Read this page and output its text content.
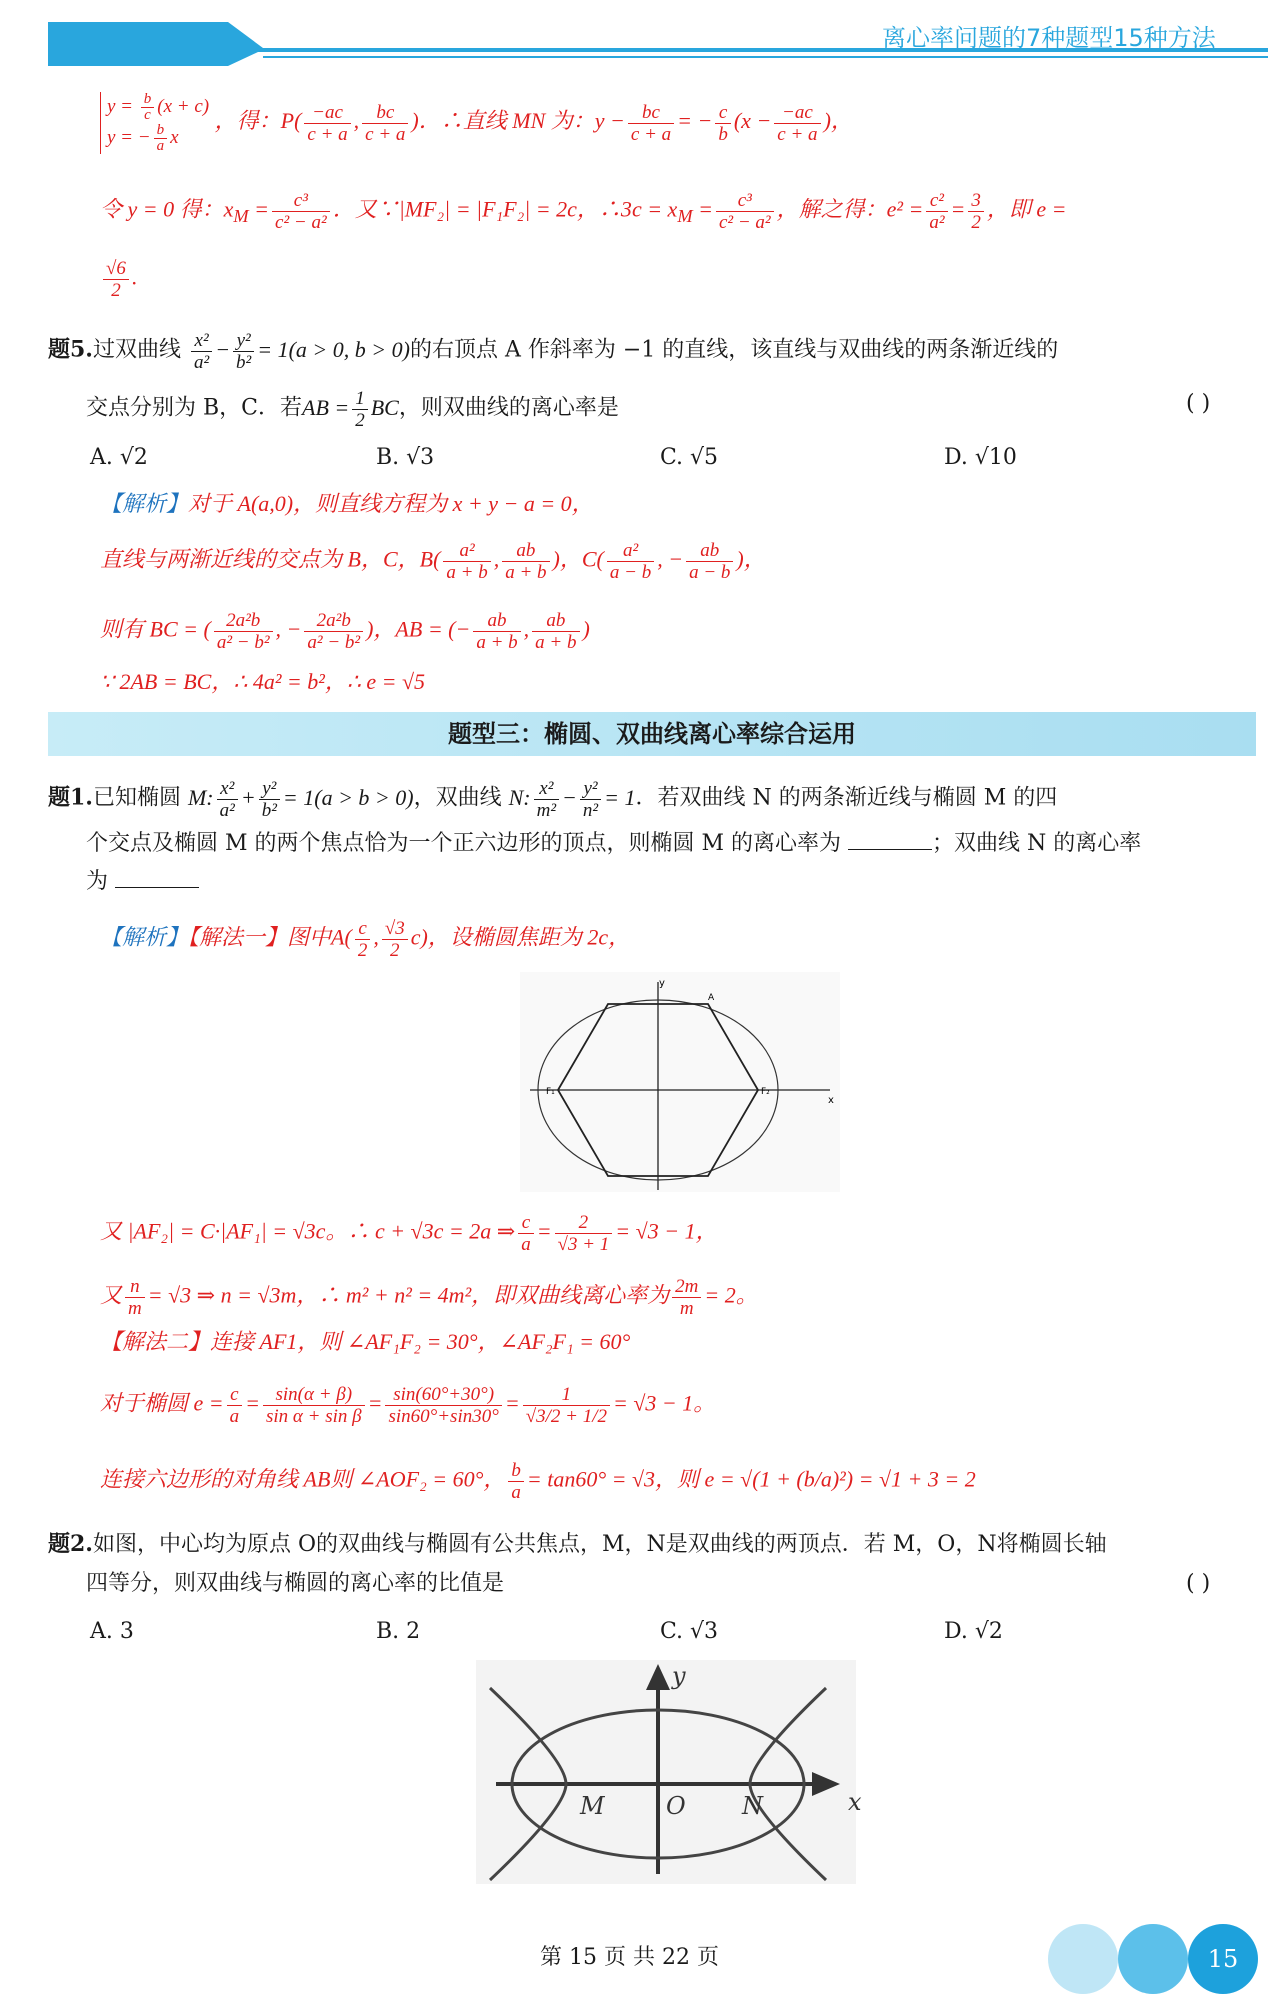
离心率问题的7种题型15种方法
$y = \frac{b}{c} (x + c)$
y = − $\frac{b}{a}$ x
，得：$P( \frac{-ac}{c + a}$ , $\frac{bc}{c + a}$ )．∴直线 MN 为：$y - \frac{bc}{c + a}$ = − $\frac{c}{b} (x - \frac{-ac}{c + a}$ )，
令 y = 0 得：$x_M = \frac{\text{c³}}{\text{c² − a²}}$ ．又∵|MF₂| = |F₁F₂| = 2c，∴3c = $x_M = \frac{\text{c³}}{\text{c² − a²}}$ ，解之得：$e^2 = \frac{\text{c²}}{\text{a²}} = \frac{3}{2}$ ，即 e =
$\frac{√6}{2}$ .
题5.过双曲线 $\frac{\text{x²}}{\text{a²}} - \frac{\text{y²}}{\text{b²}} = 1(a > 0$, b > 0)的右顶点 A 作斜率为 −1 的直线，该直线与双曲线的两条渐近线的
交点分别为 B，C．若AB = $\frac{1}{2}$ BC，则双曲线的离心率是	( )
A. √2	B. √3	C. √5	D. √10
【解析】对于 A(a,0)，则直线方程为 x + y − a = 0，
直线与两渐近线的交点为 B，C，$B( \frac{\text{a²}}{a + b}$ , $\frac{ab}{a + b}$ )，$C( \frac{\text{a²}}{a - b}$ , − $\frac{ab}{a - b}$ )，
则有 BC = ( $\frac{\text{2a²b}}{\text{a² − b²}}$ , − $\frac{\text{2a²b}}{\text{a² − b²}}$ )，AB = (− $\frac{ab}{a + b}$ , $\frac{ab}{a + b}$ )
∵ 2AB = BC，∴ 4a² = b²，∴ e = √5
题型三：椭圆、双曲线离心率综合运用
题1.已知椭圆 M: $\frac{\text{x²}}{\text{a²}} + \frac{\text{y²}}{\text{b²}} = 1(a > b > 0)$，双曲线 N: $\frac{\text{x²}}{\text{m²}} - \frac{\text{y²}}{\text{n²}} = 1$．若双曲线 N 的两条渐近线与椭圆 M 的四
个交点及椭圆 M 的两个焦点恰为一个正六边形的顶点，则椭圆 M 的离心率为	；双曲线 N 的离心率
为
【解析】【解法一】图中$A( \frac{c}{2}$ , $\frac{√3}{2} c$)，设椭圆焦距为 2c，
y
x
A
F₁	F₂
又 |AF₂| = C·|AF₁| = √3c。∴ c + √3c = 2a ⇒ $\frac{c}{a} = \frac{2}{√3 + 1} = √3 - 1$，
又 $\frac{n}{m} = √3$ ⇒ n = √3m，∴ m² + n² = 4m²，即双曲线离心率为 $\frac{2m}{m} = 2$。
【解法二】连接 AF1，则 ∠AF₁F₂ = 30°，∠AF₂F₁ = 60°
对于椭圆 $e = \frac{c}{a} = \frac{\sin(\alpha + \beta)}{\text{sin α + sin β}} = \frac{\sin(60^\circ+30^\circ)}{\sin 60^\circ+\sin 30^\circ} = \frac{1}{√3/2 + 1/2} = √3 - 1$。
连接六边形的对角线 AB则 ∠AOF₂ = 60°， $\frac{b}{a} = \tan 60^\circ = √3$，则 e = √(1 + (b/a)²) = √1 + 3 = 2
题2.如图，中心均为原点 O的双曲线与椭圆有公共焦点，M，N是双曲线的两顶点．若 M，O，N将椭圆长轴
四等分，则双曲线与椭圆的离心率的比值是	( )
A. 3	B. 2	C. √3	D. √2
y
x
M	O N
第 15 页 共 22 页	15
